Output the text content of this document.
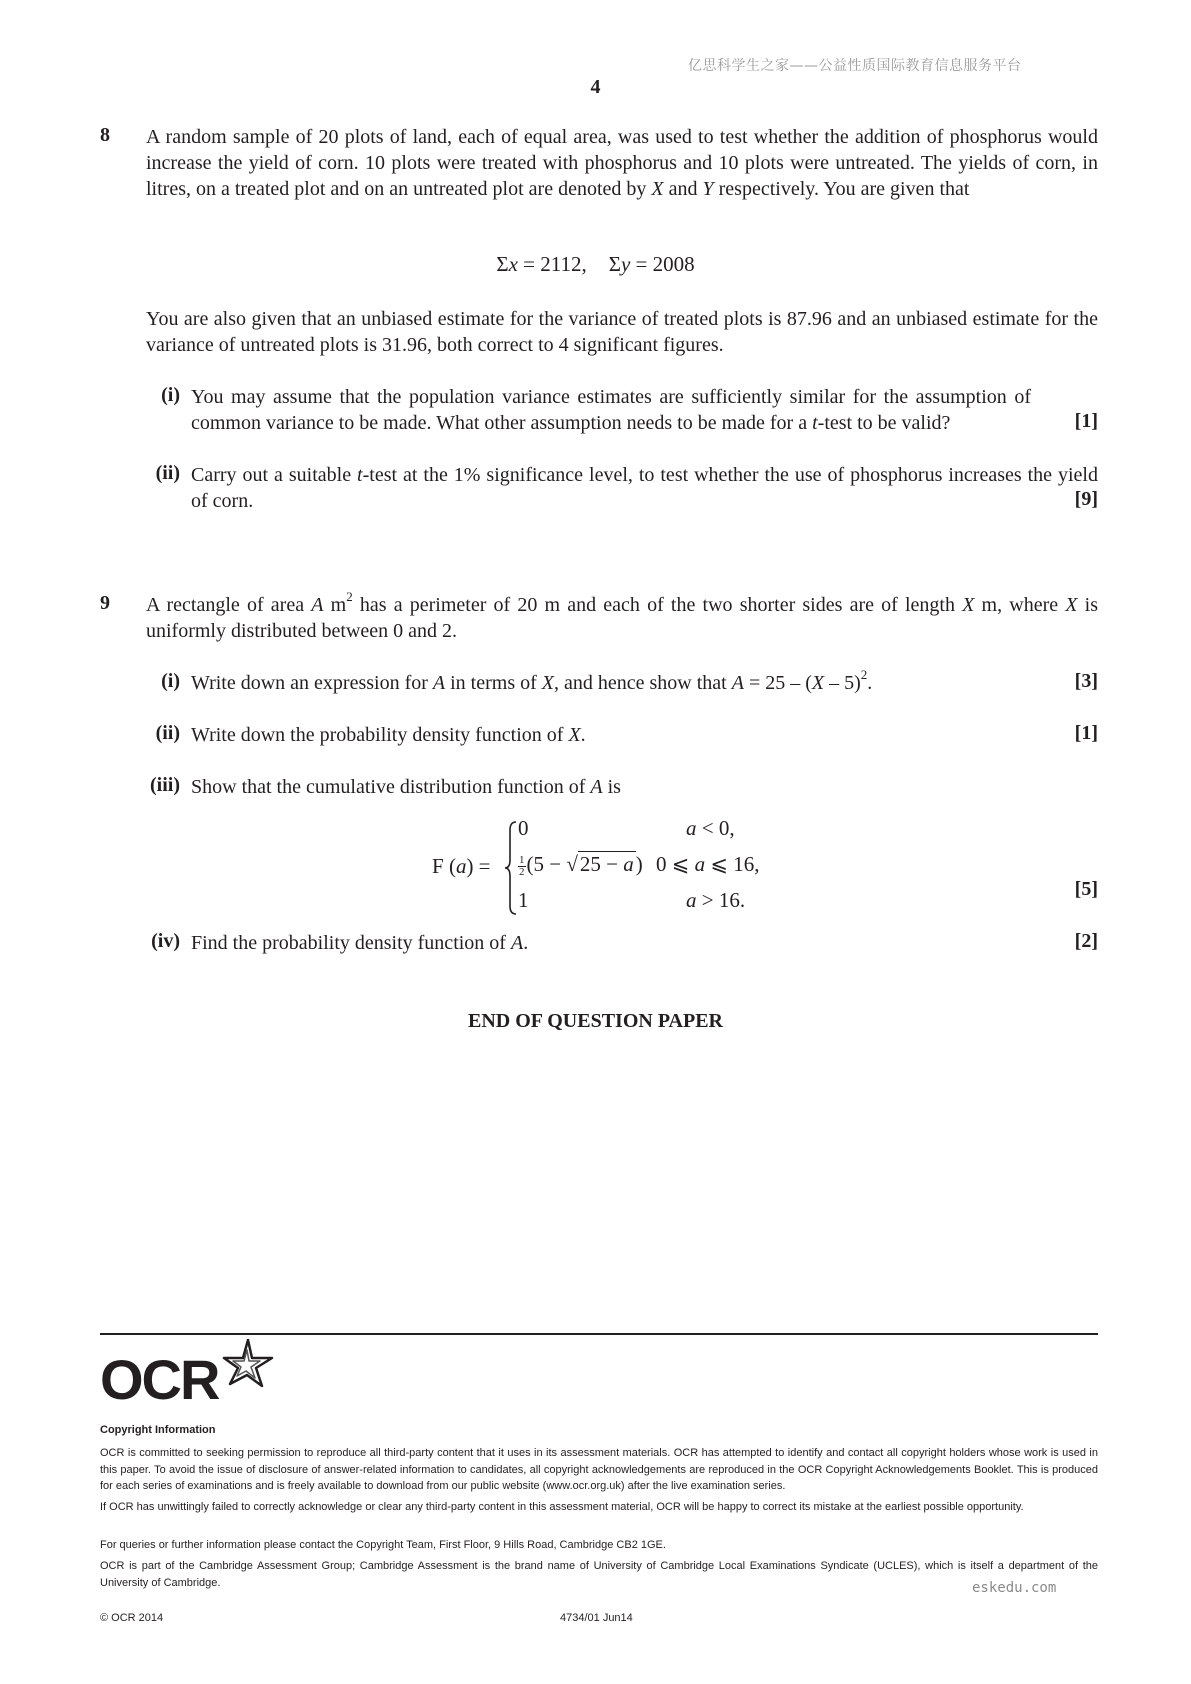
亿思科学生之家——公益性质国际教育信息服务平台
4
8 A random sample of 20 plots of land, each of equal area, was used to test whether the addition of phosphorus would increase the yield of corn. 10 plots were treated with phosphorus and 10 plots were untreated. The yields of corn, in litres, on a treated plot and on an untreated plot are denoted by X and Y respectively. You are given that
Σx = 2112, Σy = 2008
You are also given that an unbiased estimate for the variance of treated plots is 87.96 and an unbiased estimate for the variance of untreated plots is 31.96, both correct to 4 significant figures.
(i) You may assume that the population variance estimates are sufficiently similar for the assumption of common variance to be made. What other assumption needs to be made for a t-test to be valid?	[1]
(ii) Carry out a suitable t-test at the 1% significance level, to test whether the use of phosphorus increases the yield of corn.	[9]
9 A rectangle of area A $m^2$ has a perimeter of 20 m and each of the two shorter sides are of length X m, where X is uniformly distributed between 0 and 2.
(i) Write down an expression for A in terms of X, and hence show that A = 25 – (X – 5)$^2$.	[3]
(ii) Write down the probability density function of X.	[1]
(iii) Show that the cumulative distribution function of A is
F (a) =
0	a < 0,
$\frac{1}{2} (5 - √25 - a)$ 0 ⩽ a ⩽ 16,
1	a > 16.	[5]
(iv) Find the probability density function of A.	[2]
END OF QUESTION PAPER
OCR
Copyright Information
OCR is committed to seeking permission to reproduce all third-party content that it uses in its assessment materials. OCR has attempted to identify and contact all copyright holders whose work is used in this paper. To avoid the issue of disclosure of answer-related information to candidates, all copyright acknowledgements are reproduced in the OCR Copyright Acknowledgements Booklet. This is produced for each series of examinations and is freely available to download from our public website (www.ocr.org.uk) after the live examination series.
If OCR has unwittingly failed to correctly acknowledge or clear any third-party content in this assessment material, OCR will be happy to correct its mistake at the earliest possible opportunity.
For queries or further information please contact the Copyright Team, First Floor, 9 Hills Road, Cambridge CB2 1GE.
OCR is part of the Cambridge Assessment Group; Cambridge Assessment is the brand name of University of Cambridge Local Examinations Syndicate (UCLES), which is itself a department of the University of Cambridge.	eskedu.com
© OCR 2014	4734/01 Jun14
